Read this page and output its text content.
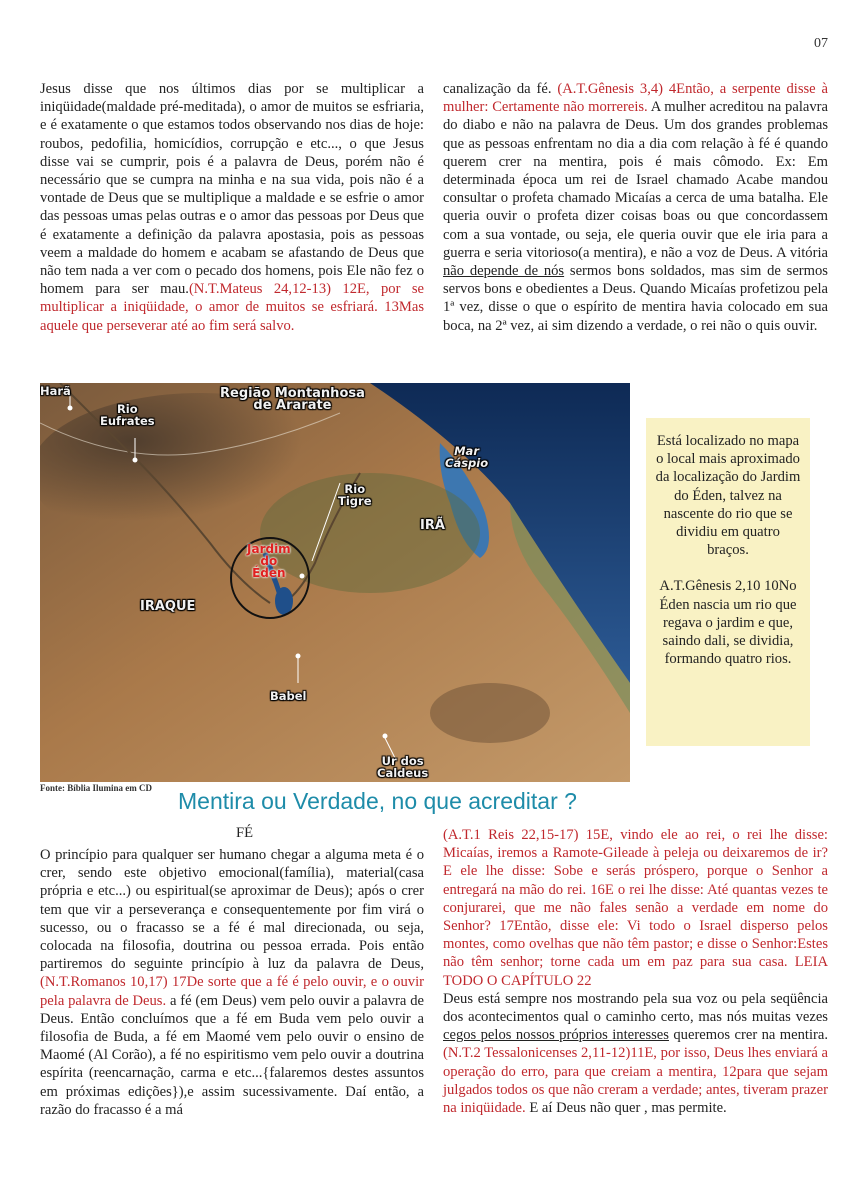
07

Jesus disse que nos últimos dias por se multiplicar a iniqüidade(maldade pré-meditada), o amor de muitos se esfriaria, e é exatamente o que estamos todos observando nos dias de hoje: roubos, pedofilia, homicídios, corrupção e etc..., o que Jesus disse vai se cumprir, pois é a palavra de Deus, porém não é necessário que se cumpra na minha e na sua vida, pois não é a vontade de Deus que se multiplique a maldade e se esfrie o amor das pessoas umas pelas outras e o amor das pessoas por Deus que é exatamente a definição da palavra apostasia, pois as pessoas veem a maldade do homem e acabam se afastando de Deus que não tem nada a ver com o pecado dos homens, pois Ele não fez o homem para ser mau.(N.T.Mateus 24,12-13) 12E, por se multiplicar a iniqüidade, o amor de muitos se esfriará. 13Mas aquele que perseverar até ao fim será salvo.

canalização da fé. (A.T.Gênesis 3,4) 4Então, a serpente disse à mulher: Certamente não morrereis. A mulher acreditou na palavra do diabo e não na palavra de Deus. Um dos grandes problemas que as pessoas enfrentam no dia a dia com relação à fé é quando querem crer na mentira, pois é mais cômodo. Ex: Em determinada época um rei de Israel chamado Acabe mandou consultar o profeta chamado Micaías a cerca de uma batalha. Ele queria ouvir o profeta dizer coisas boas ou que concordassem com a sua vontade, ou seja, ele queria ouvir que ele iria para a guerra e seria vitorioso(a mentira), e não a voz de Deus. A vitória não depende de nós sermos bons soldados, mas sim de sermos servos bons e obedientes a Deus. Quando Micaías profetizou pela 1ª vez, disse o que o espírito de mentira havia colocado em sua boca, na 2ª vez, ai sim dizendo a verdade, o rei não o quis ouvir.

Harã
Rio
Eufrates
Região Montanhosa
de Ararate
Mar
Cáspio
Rio
Tigre
IRÃ
Jardim
do
Éden
IRAQUE
Babel
Ur dos
Caldeus
Fonte: Bíblia Ilumina em CD

Está localizado no mapa o local mais aproximado da localização do Jardim do Éden, talvez na nascente do rio que se dividiu em quatro braços.

A.T.Gênesis 2,10 10No Éden nascia um rio que regava o jardim e que, saindo dali, se dividia, formando quatro rios.

Mentira ou Verdade, no que acreditar ?
FÉ

O princípio para qualquer ser humano chegar a alguma meta é o crer, sendo este objetivo emocional(família), material(casa própria e etc...) ou espiritual(se aproximar de Deus); após o crer tem que vir a perseverança e consequentemente por fim virá o sucesso, ou o fracasso se a fé é mal direcionada, ou seja, colocada na filosofia, doutrina ou pessoa errada. Pois então partiremos do seguinte princípio à luz da palavra de Deus, (N.T.Romanos 10,17) 17De sorte que a fé é pelo ouvir, e o ouvir pela palavra de Deus. a fé (em Deus) vem pelo ouvir a palavra de Deus. Então concluímos que a fé em Buda vem pelo ouvir a filosofia de Buda, a fé em Maomé vem pelo ouvir o ensino de Maomé (Al Corão), a fé no espiritismo vem pelo ouvir a doutrina espírita (reencarnação, carma e etc...{falaremos destes assuntos em próximas edições}),e assim sucessivamente. Daí então, a razão do fracasso é a má

(A.T.1 Reis 22,15-17) 15E, vindo ele ao rei, o rei lhe disse: Micaías, iremos a Ramote-Gileade à peleja ou deixaremos de ir? E ele lhe disse: Sobe e serás próspero, porque o Senhor a entregará na mão do rei. 16E o rei lhe disse: Até quantas vezes te conjurarei, que me não fales senão a verdade em nome do Senhor? 17Então, disse ele: Vi todo o Israel disperso pelos montes, como ovelhas que não têm pastor; e disse o Senhor:Estes não têm senhor; torne cada um em paz para sua casa. LEIA TODO O CAPÍTULO 22
Deus está sempre nos mostrando pela sua voz ou pela seqüência dos acontecimentos qual o caminho certo, mas nós muitas vezes cegos pelos nossos próprios interesses queremos crer na mentira. (N.T.2 Tessalonicenses 2,11-12)11E, por isso, Deus lhes enviará a operação do erro, para que creiam a mentira, 12para que sejam julgados todos os que não creram a verdade; antes, tiveram prazer na iniqüidade. E aí Deus não quer , mas permite.
